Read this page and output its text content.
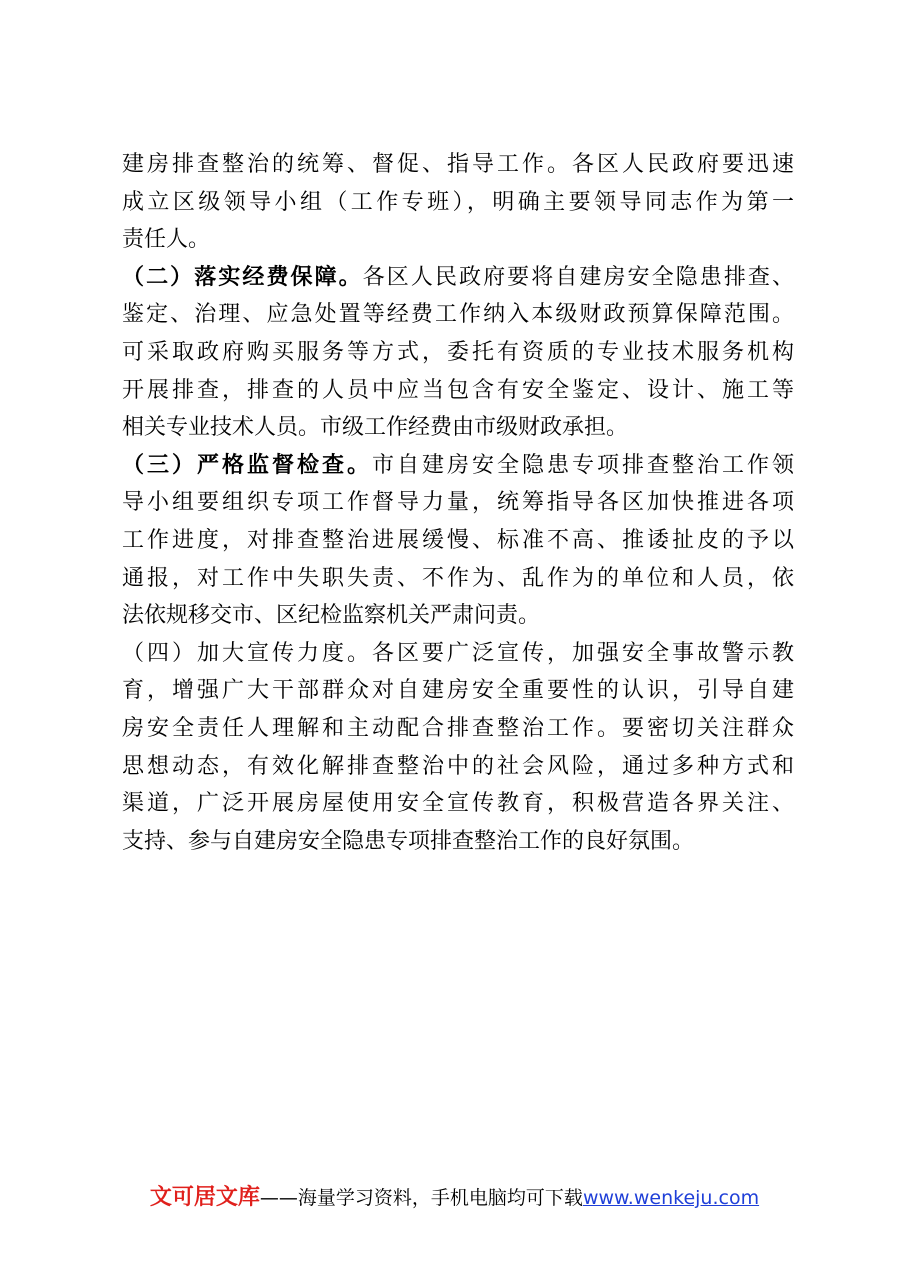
建房排查整治的统筹、督促、指导工作。各区人民政府要迅速
成立区级领导小组（工作专班），明确主要领导同志作为第一
责任人。
（二）落实经费保障。各区人民政府要将自建房安全隐患排查、
鉴定、治理、应急处置等经费工作纳入本级财政预算保障范围。
可采取政府购买服务等方式，委托有资质的专业技术服务机构
开展排查，排查的人员中应当包含有安全鉴定、设计、施工等
相关专业技术人员。市级工作经费由市级财政承担。
（三）严格监督检查。市自建房安全隐患专项排查整治工作领
导小组要组织专项工作督导力量，统筹指导各区加快推进各项
工作进度，对排查整治进展缓慢、标准不高、推诿扯皮的予以
通报，对工作中失职失责、不作为、乱作为的单位和人员，依
法依规移交市、区纪检监察机关严肃问责。
（四）加大宣传力度。各区要广泛宣传，加强安全事故警示教
育，增强广大干部群众对自建房安全重要性的认识，引导自建
房安全责任人理解和主动配合排查整治工作。要密切关注群众
思想动态，有效化解排查整治中的社会风险，通过多种方式和
渠道，广泛开展房屋使用安全宣传教育，积极营造各界关注、
支持、参与自建房安全隐患专项排查整治工作的良好氛围。
文可居文库——海量学习资料，手机电脑均可下载www.wenkeju.com
